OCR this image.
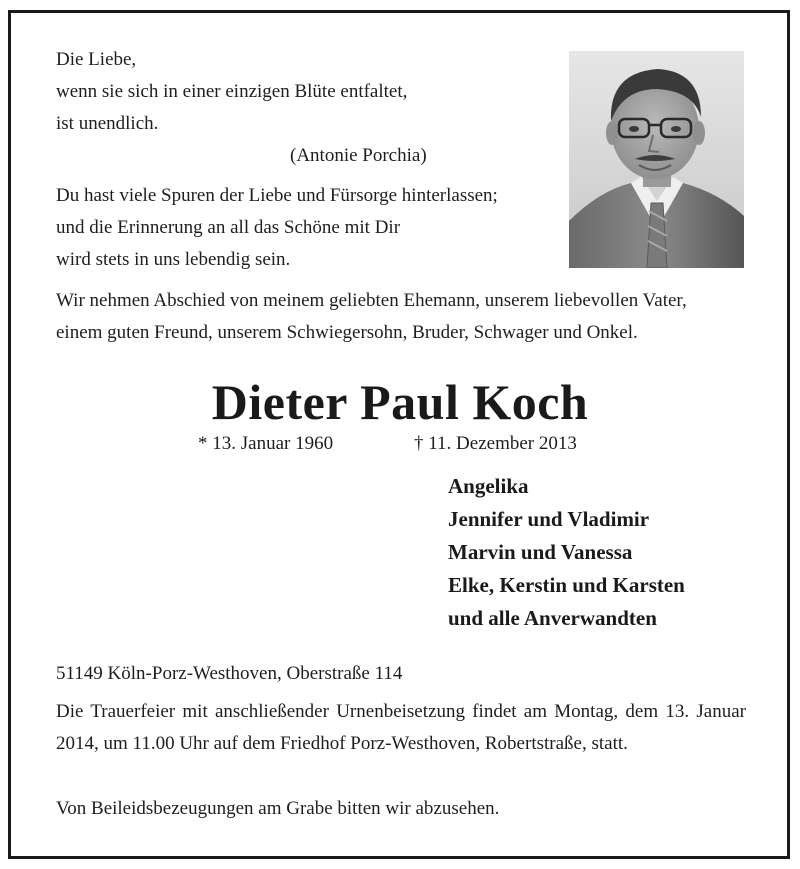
Die Liebe,
wenn sie sich in einer einzigen Blüte entfaltet,
ist unendlich.
(Antonie Porchia)
Du hast viele Spuren der Liebe und Fürsorge hinterlassen;
und die Erinnerung an all das Schöne mit Dir
wird stets in uns lebendig sein.
Wir nehmen Abschied von meinem geliebten Ehemann, unserem liebevollen Vater,
einem guten Freund, unserem Schwiegersohn, Bruder, Schwager und Onkel.
Dieter Paul Koch
* 13. Januar 1960	† 11. Dezember 2013
Angelika
Jennifer und Vladimir
Marvin und Vanessa
Elke, Kerstin und Karsten
und alle Anverwandten
51149 Köln-Porz-Westhoven, Oberstraße 114
Die Trauerfeier mit anschließender Urnenbeisetzung findet am Montag, dem 13. Januar 2014, um 11.00 Uhr auf dem Friedhof Porz-Westhoven, Robertstraße, statt.
Von Beileidsbezeugungen am Grabe bitten wir abzusehen.
